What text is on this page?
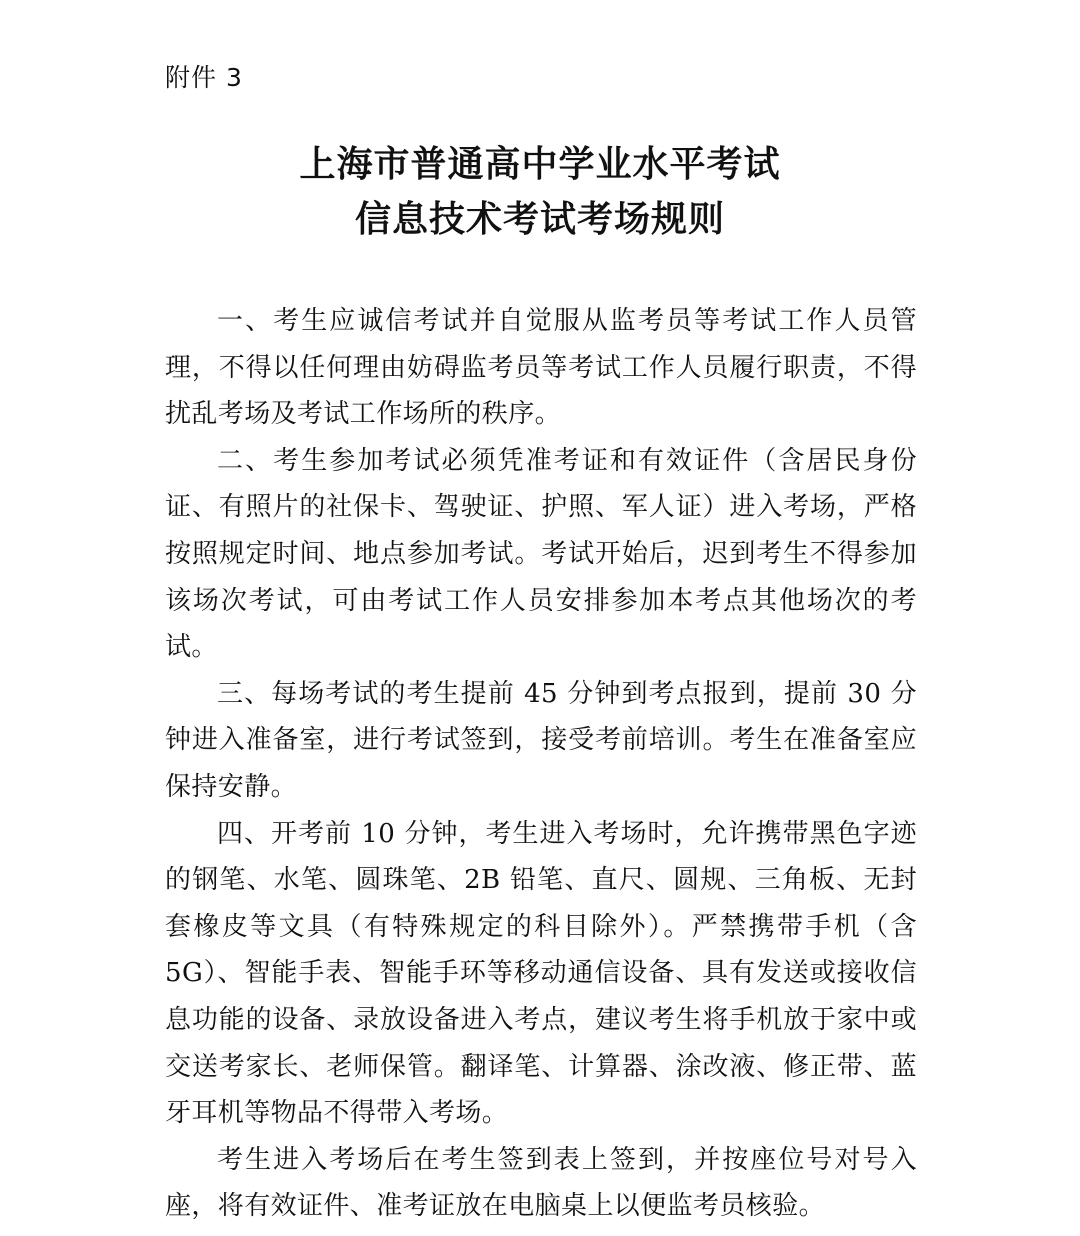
附件 3
上海市普通高中学业水平考试
信息技术考试考场规则

一、考生应诚信考试并自觉服从监考员等考试工作人员管理，不得以任何理由妨碍监考员等考试工作人员履行职责，不得扰乱考场及考试工作场所的秩序。

二、考生参加考试必须凭准考证和有效证件（含居民身份证、有照片的社保卡、驾驶证、护照、军人证）进入考场，严格按照规定时间、地点参加考试。考试开始后，迟到考生不得参加该场次考试，可由考试工作人员安排参加本考点其他场次的考试。

三、每场考试的考生提前 45 分钟到考点报到，提前 30 分钟进入准备室，进行考试签到，接受考前培训。考生在准备室应保持安静。

四、开考前 10 分钟，考生进入考场时，允许携带黑色字迹的钢笔、水笔、圆珠笔、2B 铅笔、直尺、圆规、三角板、无封套橡皮等文具（有特殊规定的科目除外）。严禁携带手机（含 5G）、智能手表、智能手环等移动通信设备、具有发送或接收信息功能的设备、录放设备进入考点，建议考生将手机放于家中或交送考家长、老师保管。翻译笔、计算器、涂改液、修正带、蓝牙耳机等物品不得带入考场。

考生进入考场后在考生签到表上签到，并按座位号对号入座，将有效证件、准考证放在电脑桌上以便监考员核验。
